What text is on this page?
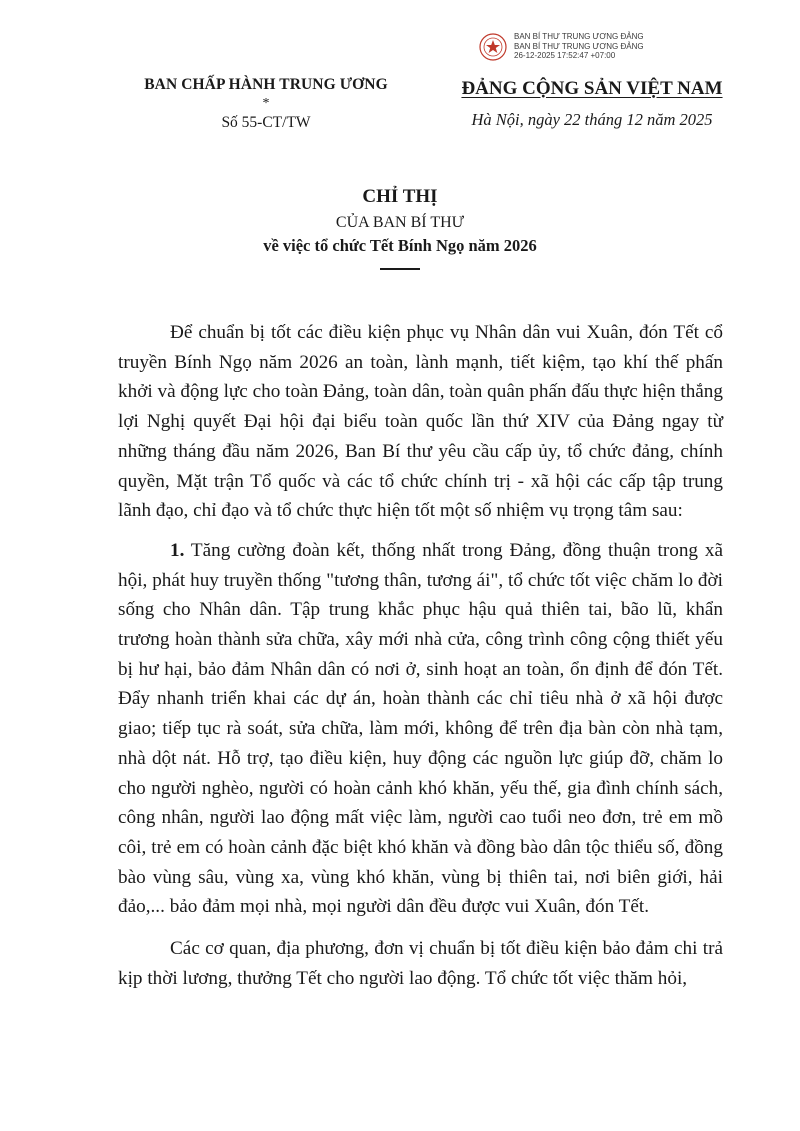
BAN BÍ THƯ TRUNG ƯƠNG ĐẢNG
BAN BÍ THƯ TRUNG ƯƠNG ĐẢNG
26-12-2025 17:52:47 +07:00
BAN CHẤP HÀNH TRUNG ƯƠNG
*
Số 55-CT/TW
ĐẢNG CỘNG SẢN VIỆT NAM
Hà Nội, ngày 22 tháng 12 năm 2025
CHỈ THỊ
CỦA BAN BÍ THƯ
về việc tổ chức Tết Bính Ngọ năm 2026

Để chuẩn bị tốt các điều kiện phục vụ Nhân dân vui Xuân, đón Tết cổ truyền Bính Ngọ năm 2026 an toàn, lành mạnh, tiết kiệm, tạo khí thế phấn khởi và động lực cho toàn Đảng, toàn dân, toàn quân phấn đấu thực hiện thắng lợi Nghị quyết Đại hội đại biểu toàn quốc lần thứ XIV của Đảng ngay từ những tháng đầu năm 2026, Ban Bí thư yêu cầu cấp ủy, tổ chức đảng, chính quyền, Mặt trận Tổ quốc và các tổ chức chính trị - xã hội các cấp tập trung lãnh đạo, chỉ đạo và tổ chức thực hiện tốt một số nhiệm vụ trọng tâm sau:

1. Tăng cường đoàn kết, thống nhất trong Đảng, đồng thuận trong xã hội, phát huy truyền thống "tương thân, tương ái", tổ chức tốt việc chăm lo đời sống cho Nhân dân. Tập trung khắc phục hậu quả thiên tai, bão lũ, khẩn trương hoàn thành sửa chữa, xây mới nhà cửa, công trình công cộng thiết yếu bị hư hại, bảo đảm Nhân dân có nơi ở, sinh hoạt an toàn, ổn định để đón Tết. Đẩy nhanh triển khai các dự án, hoàn thành các chỉ tiêu nhà ở xã hội được giao; tiếp tục rà soát, sửa chữa, làm mới, không để trên địa bàn còn nhà tạm, nhà dột nát. Hỗ trợ, tạo điều kiện, huy động các nguồn lực giúp đỡ, chăm lo cho người nghèo, người có hoàn cảnh khó khăn, yếu thế, gia đình chính sách, công nhân, người lao động mất việc làm, người cao tuổi neo đơn, trẻ em mồ côi, trẻ em có hoàn cảnh đặc biệt khó khăn và đồng bào dân tộc thiểu số, đồng bào vùng sâu, vùng xa, vùng khó khăn, vùng bị thiên tai, nơi biên giới, hải đảo,... bảo đảm mọi nhà, mọi người dân đều được vui Xuân, đón Tết.

Các cơ quan, địa phương, đơn vị chuẩn bị tốt điều kiện bảo đảm chi trả kịp thời lương, thưởng Tết cho người lao động. Tổ chức tốt việc thăm hỏi,
